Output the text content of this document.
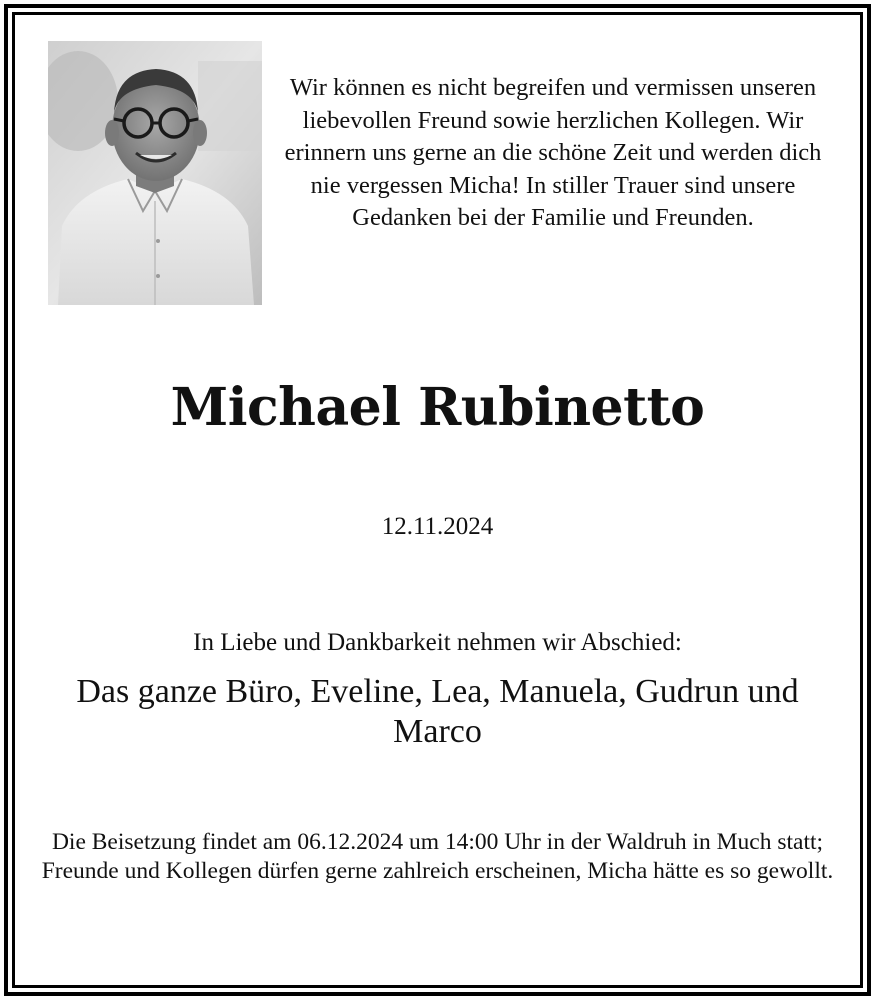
Wir können es nicht begreifen und vermissen unseren liebevollen Freund sowie herzlichen Kollegen. Wir erinnern uns gerne an die schöne Zeit und werden dich nie vergessen Micha! In stiller Trauer sind unsere Gedanken bei der Familie und Freunden.

Michael Rubinetto
12.11.2024
In Liebe und Dankbarkeit nehmen wir Abschied:

Das ganze Büro, Eveline, Lea, Manuela, Gudrun und Marco

Die Beisetzung findet am 06.12.2024 um 14:00 Uhr in der Waldruh in Much statt; Freunde und Kollegen dürfen gerne zahlreich erscheinen, Micha hätte es so gewollt.
